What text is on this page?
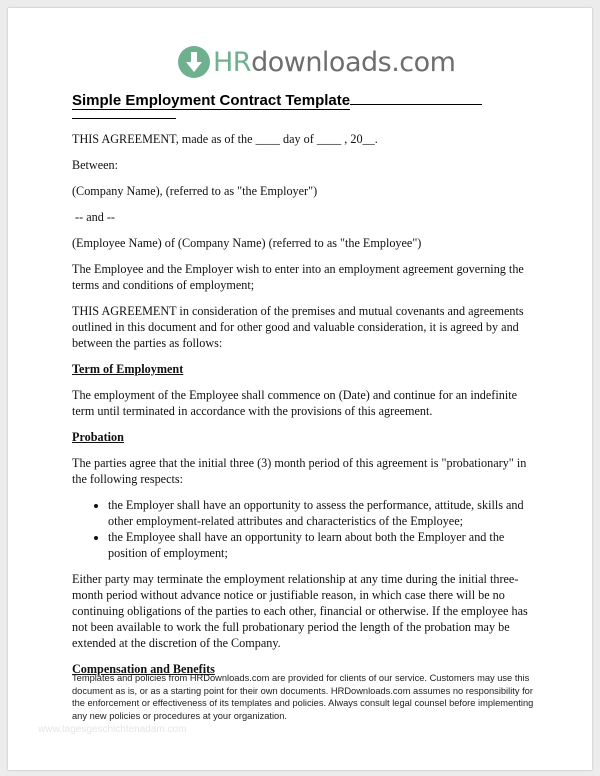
HRdownloads.com
Simple Employment Contract Template

THIS AGREEMENT, made as of the ____ day of ____ , 20__.

Between:

(Company Name), (referred to as "the Employer")

-- and --

(Employee Name) of (Company Name) (referred to as "the Employee")

The Employee and the Employer wish to enter into an employment agreement governing the terms and conditions of employment;

THIS AGREEMENT in consideration of the premises and mutual covenants and agreements outlined in this document and for other good and valuable consideration, it is agreed by and between the parties as follows:

Term of Employment

The employment of the Employee shall commence on (Date) and continue for an indefinite term until terminated in accordance with the provisions of this agreement.

Probation

The parties agree that the initial three (3) month period of this agreement is "probationary" in the following respects:

• the Employer shall have an opportunity to assess the performance, attitude, skills and other employment-related attributes and characteristics of the Employee;
• the Employee shall have an opportunity to learn about both the Employer and the position of employment;

Either party may terminate the employment relationship at any time during the initial three-month period without advance notice or justifiable reason, in which case there will be no continuing obligations of the parties to each other, financial or otherwise. If the employee has not been available to work the full probationary period the length of the probation may be extended at the discretion of the Company.

Compensation and Benefits

Templates and policies from HRDownloads.com are provided for clients of our service. Customers may use this document as is, or as a starting point for their own documents. HRDownloads.com assumes no responsibility for the enforcement or effectiveness of its templates and policies. Always consult legal counsel before implementing any new policies or procedures at your organization.
www.tagesgeschichtenadam.com
